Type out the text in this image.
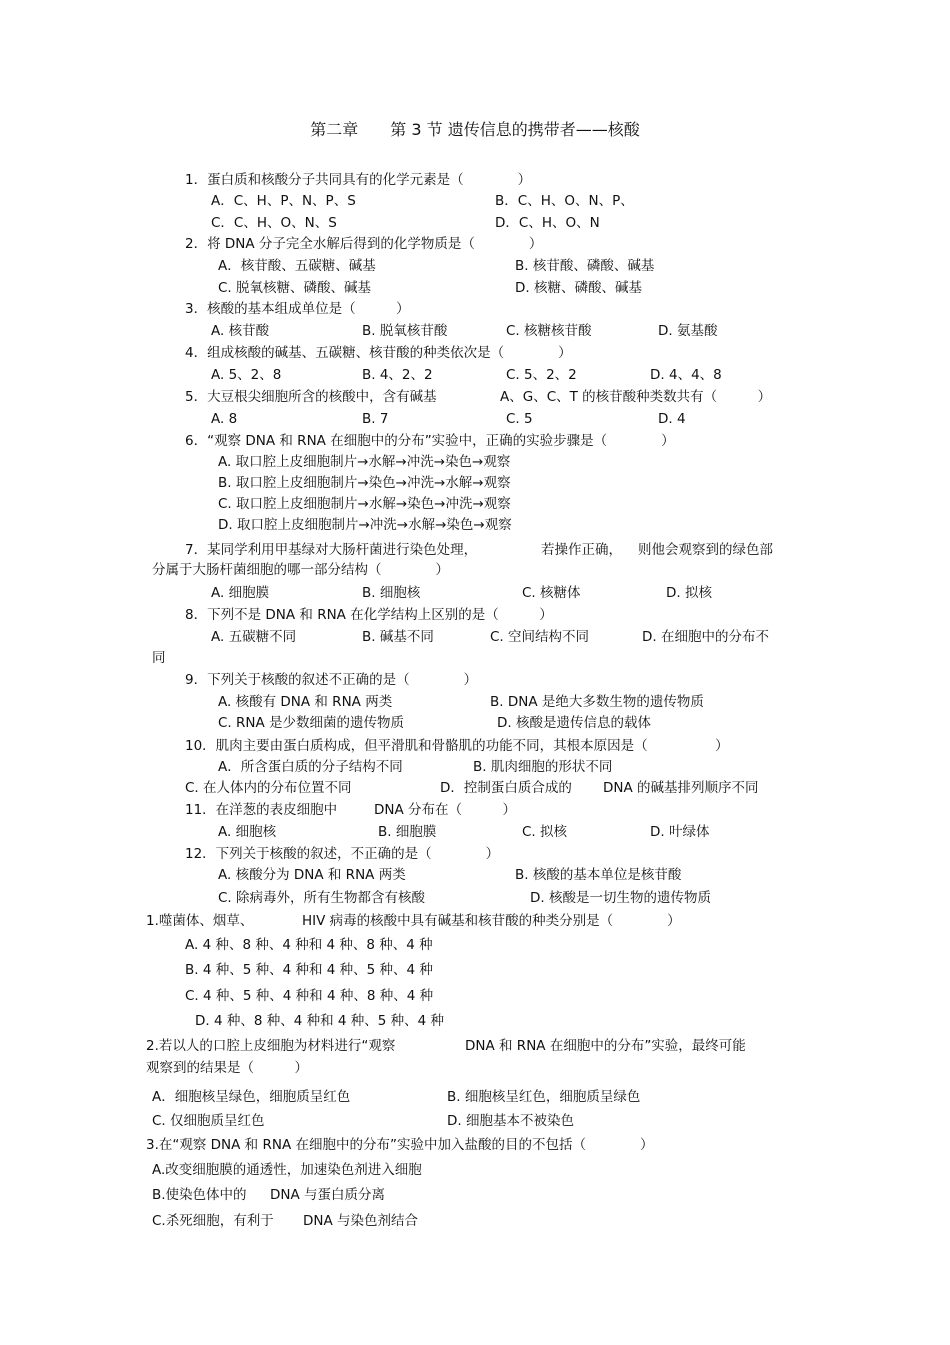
第二章　　第 3 节 遗传信息的携带者——核酸
1．蛋白质和核酸分子共同具有的化学元素是（　　　　）
A．C、H、P、N、P、S	B．C、H、O、N、P、
C．C、H、O、N、S	D．C、H、O、N
2．将 DNA 分子完全水解后得到的化学物质是（　　　　）
A．核苷酸、五碳糖、碱基	B. 核苷酸、磷酸、碱基
C. 脱氧核糖、磷酸、碱基	D. 核糖、磷酸、碱基
3．核酸的基本组成单位是（　　　）
A. 核苷酸	B. 脱氧核苷酸	C. 核糖核苷酸	D. 氨基酸
4．组成核酸的碱基、五碳糖、核苷酸的种类依次是（　　　　）
A. 5、2、8	B. 4、2、2	C. 5、2、2	D. 4、4、8
5．大豆根尖细胞所含的核酸中，含有碱基	A、G、C、T 的核苷酸种类数共有（　　　）
A. 8	B. 7	C. 5	D. 4
6．“观察 DNA 和 RNA 在细胞中的分布”实验中，正确的实验步骤是（　　　　）
A. 取口腔上皮细胞制片→水解→冲洗→染色→观察
B. 取口腔上皮细胞制片→染色→冲洗→水解→观察
C. 取口腔上皮细胞制片→水解→染色→冲洗→观察
D. 取口腔上皮细胞制片→冲洗→水解→染色→观察
7．某同学利用甲基绿对大肠杆菌进行染色处理，	若操作正确， 则他会观察到的绿色部
分属于大肠杆菌细胞的哪一部分结构（　　　　）
A. 细胞膜	B. 细胞核	C. 核糖体	D. 拟核
8．下列不是 DNA 和 RNA 在化学结构上区别的是（　　　）
A. 五碳糖不同	B. 碱基不同	C. 空间结构不同	D. 在细胞中的分布不
同
9．下列关于核酸的叙述不正确的是（　　　　）
A. 核酸有 DNA 和 RNA 两类	B. DNA 是绝大多数生物的遗传物质
C. RNA 是少数细菌的遗传物质	D. 核酸是遗传信息的载体
10．肌肉主要由蛋白质构成，但平滑肌和骨骼肌的功能不同，其根本原因是（　　　　　）
A．所含蛋白质的分子结构不同	B. 肌肉细胞的形状不同
C. 在人体内的分布位置不同	D．控制蛋白质合成的 DNA 的碱基排列顺序不同
11．在洋葱的表皮细胞中	DNA 分布在（　　　）
A. 细胞核	B. 细胞膜	C. 拟核	D. 叶绿体
12．下列关于核酸的叙述，不正确的是（　　　　）
A. 核酸分为 DNA 和 RNA 两类	B. 核酸的基本单位是核苷酸
C. 除病毒外，所有生物都含有核酸	D. 核酸是一切生物的遗传物质
1.噬菌体、烟草、	HIV 病毒的核酸中具有碱基和核苷酸的种类分别是（　　　　）
A. 4 种、8 种、4 种和 4 种、8 种、4 种
B. 4 种、5 种、4 种和 4 种、5 种、4 种
C. 4 种、5 种、4 种和 4 种、8 种、4 种
D. 4 种、8 种、4 种和 4 种、5 种、4 种
2.若以人的口腔上皮细胞为材料进行“观察	DNA 和 RNA 在细胞中的分布”实验，最终可能
观察到的结果是（　　　）
A．细胞核呈绿色，细胞质呈红色	B. 细胞核呈红色，细胞质呈绿色
C. 仅细胞质呈红色	D. 细胞基本不被染色
3.在“观察 DNA 和 RNA 在细胞中的分布”实验中加入盐酸的目的不包括（　　　　）
A.改变细胞膜的通透性，加速染色剂进入细胞
B.使染色体中的 DNA 与蛋白质分离
C.杀死细胞，有利于 DNA 与染色剂结合
